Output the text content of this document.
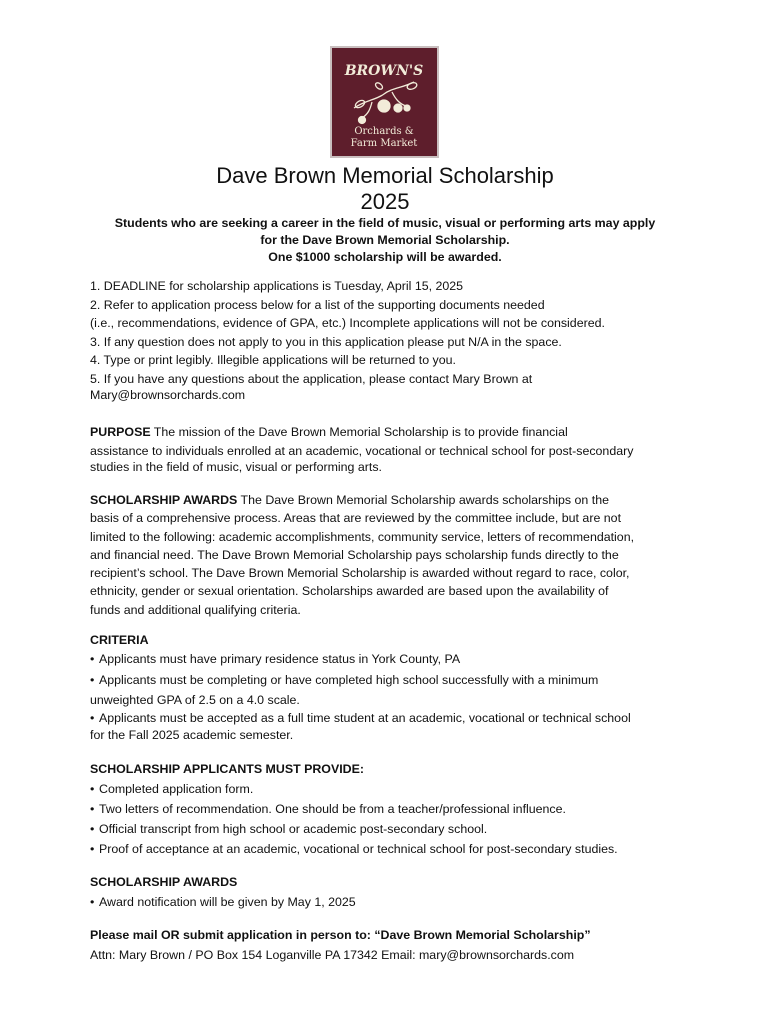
BROWN'S
Orchards &
Farm Market
Dave Brown Memorial Scholarship
2025
Students who are seeking a career in the field of music, visual or performing arts may apply
for the Dave Brown Memorial Scholarship.
One $1000 scholarship will be awarded.
1. DEADLINE for scholarship applications is Tuesday, April 15, 2025
2. Refer to application process below for a list of the supporting documents needed
(i.e., recommendations, evidence of GPA, etc.) Incomplete applications will not be considered.
3. If any question does not apply to you in this application please put N/A in the space.
4. Type or print legibly. Illegible applications will be returned to you.
5. If you have any questions about the application, please contact Mary Brown at
Mary@brownsorchards.com
PURPOSE The mission of the Dave Brown Memorial Scholarship is to provide financial
assistance to individuals enrolled at an academic, vocational or technical school for post-secondary
studies in the field of music, visual or performing arts.
SCHOLARSHIP AWARDS The Dave Brown Memorial Scholarship awards scholarships on the
basis of a comprehensive process. Areas that are reviewed by the committee include, but are not
limited to the following: academic accomplishments, community service, letters of recommendation,
and financial need. The Dave Brown Memorial Scholarship pays scholarship funds directly to the
recipient’s school. The Dave Brown Memorial Scholarship is awarded without regard to race, color,
ethnicity, gender or sexual orientation. Scholarships awarded are based upon the availability of
funds and additional qualifying criteria.
CRITERIA
• Applicants must have primary residence status in York County, PA
• Applicants must be completing or have completed high school successfully with a minimum
unweighted GPA of 2.5 on a 4.0 scale.
• Applicants must be accepted as a full time student at an academic, vocational or technical school
for the Fall 2025 academic semester.
SCHOLARSHIP APPLICANTS MUST PROVIDE:
• Completed application form.
• Two letters of recommendation. One should be from a teacher/professional influence.
• Official transcript from high school or academic post-secondary school.
• Proof of acceptance at an academic, vocational or technical school for post-secondary studies.
SCHOLARSHIP AWARDS
• Award notification will be given by May 1, 2025
Please mail OR submit application in person to: “Dave Brown Memorial Scholarship”
Attn: Mary Brown / PO Box 154 Loganville PA 17342 Email: mary@brownsorchards.com
